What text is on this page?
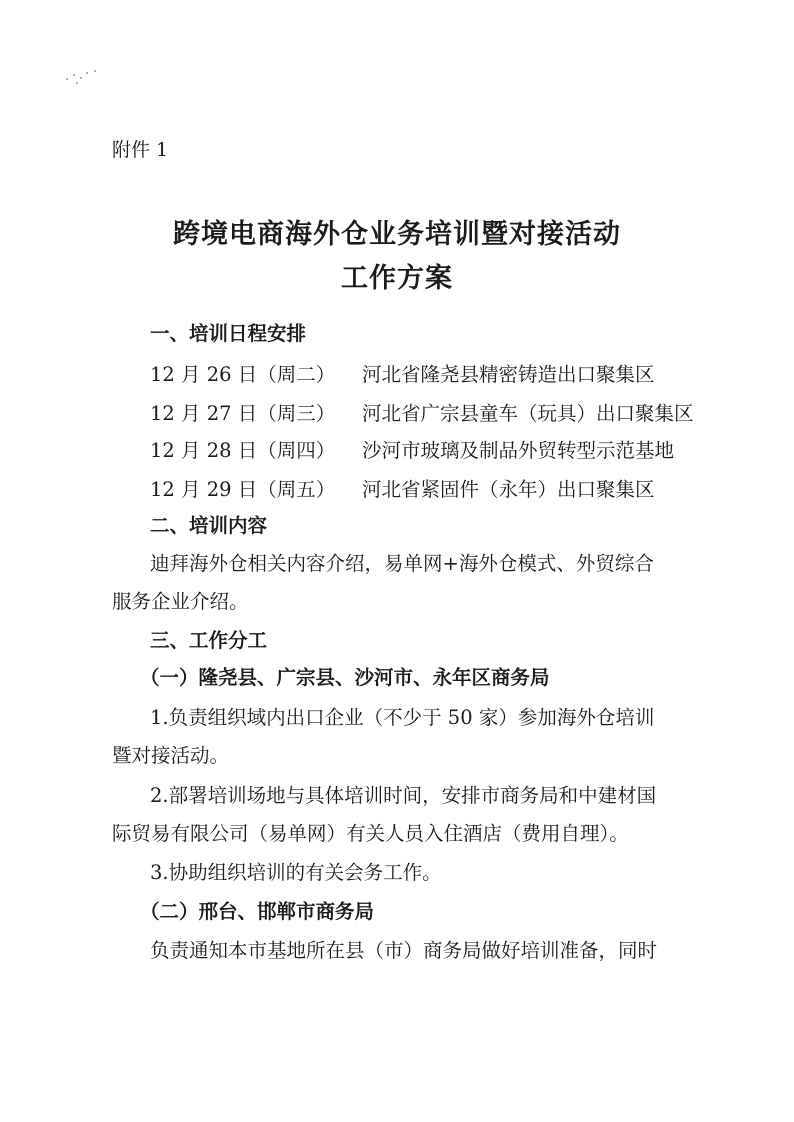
附件 1
跨境电商海外仓业务培训暨对接活动
工作方案
一、培训日程安排
12 月 26 日（周二） 河北省隆尧县精密铸造出口聚集区
12 月 27 日（周三） 河北省广宗县童车（玩具）出口聚集区
12 月 28 日（周四） 沙河市玻璃及制品外贸转型示范基地
12 月 29 日（周五） 河北省紧固件（永年）出口聚集区
二、培训内容
迪拜海外仓相关内容介绍，易单网+海外仓模式、外贸综合
服务企业介绍。
三、工作分工
（一）隆尧县、广宗县、沙河市、永年区商务局
1.负责组织域内出口企业（不少于 50 家）参加海外仓培训
暨对接活动。
2.部署培训场地与具体培训时间，安排市商务局和中建材国
际贸易有限公司（易单网）有关人员入住酒店（费用自理）。
3.协助组织培训的有关会务工作。
（二）邢台、邯郸市商务局
负责通知本市基地所在县（市）商务局做好培训准备，同时
